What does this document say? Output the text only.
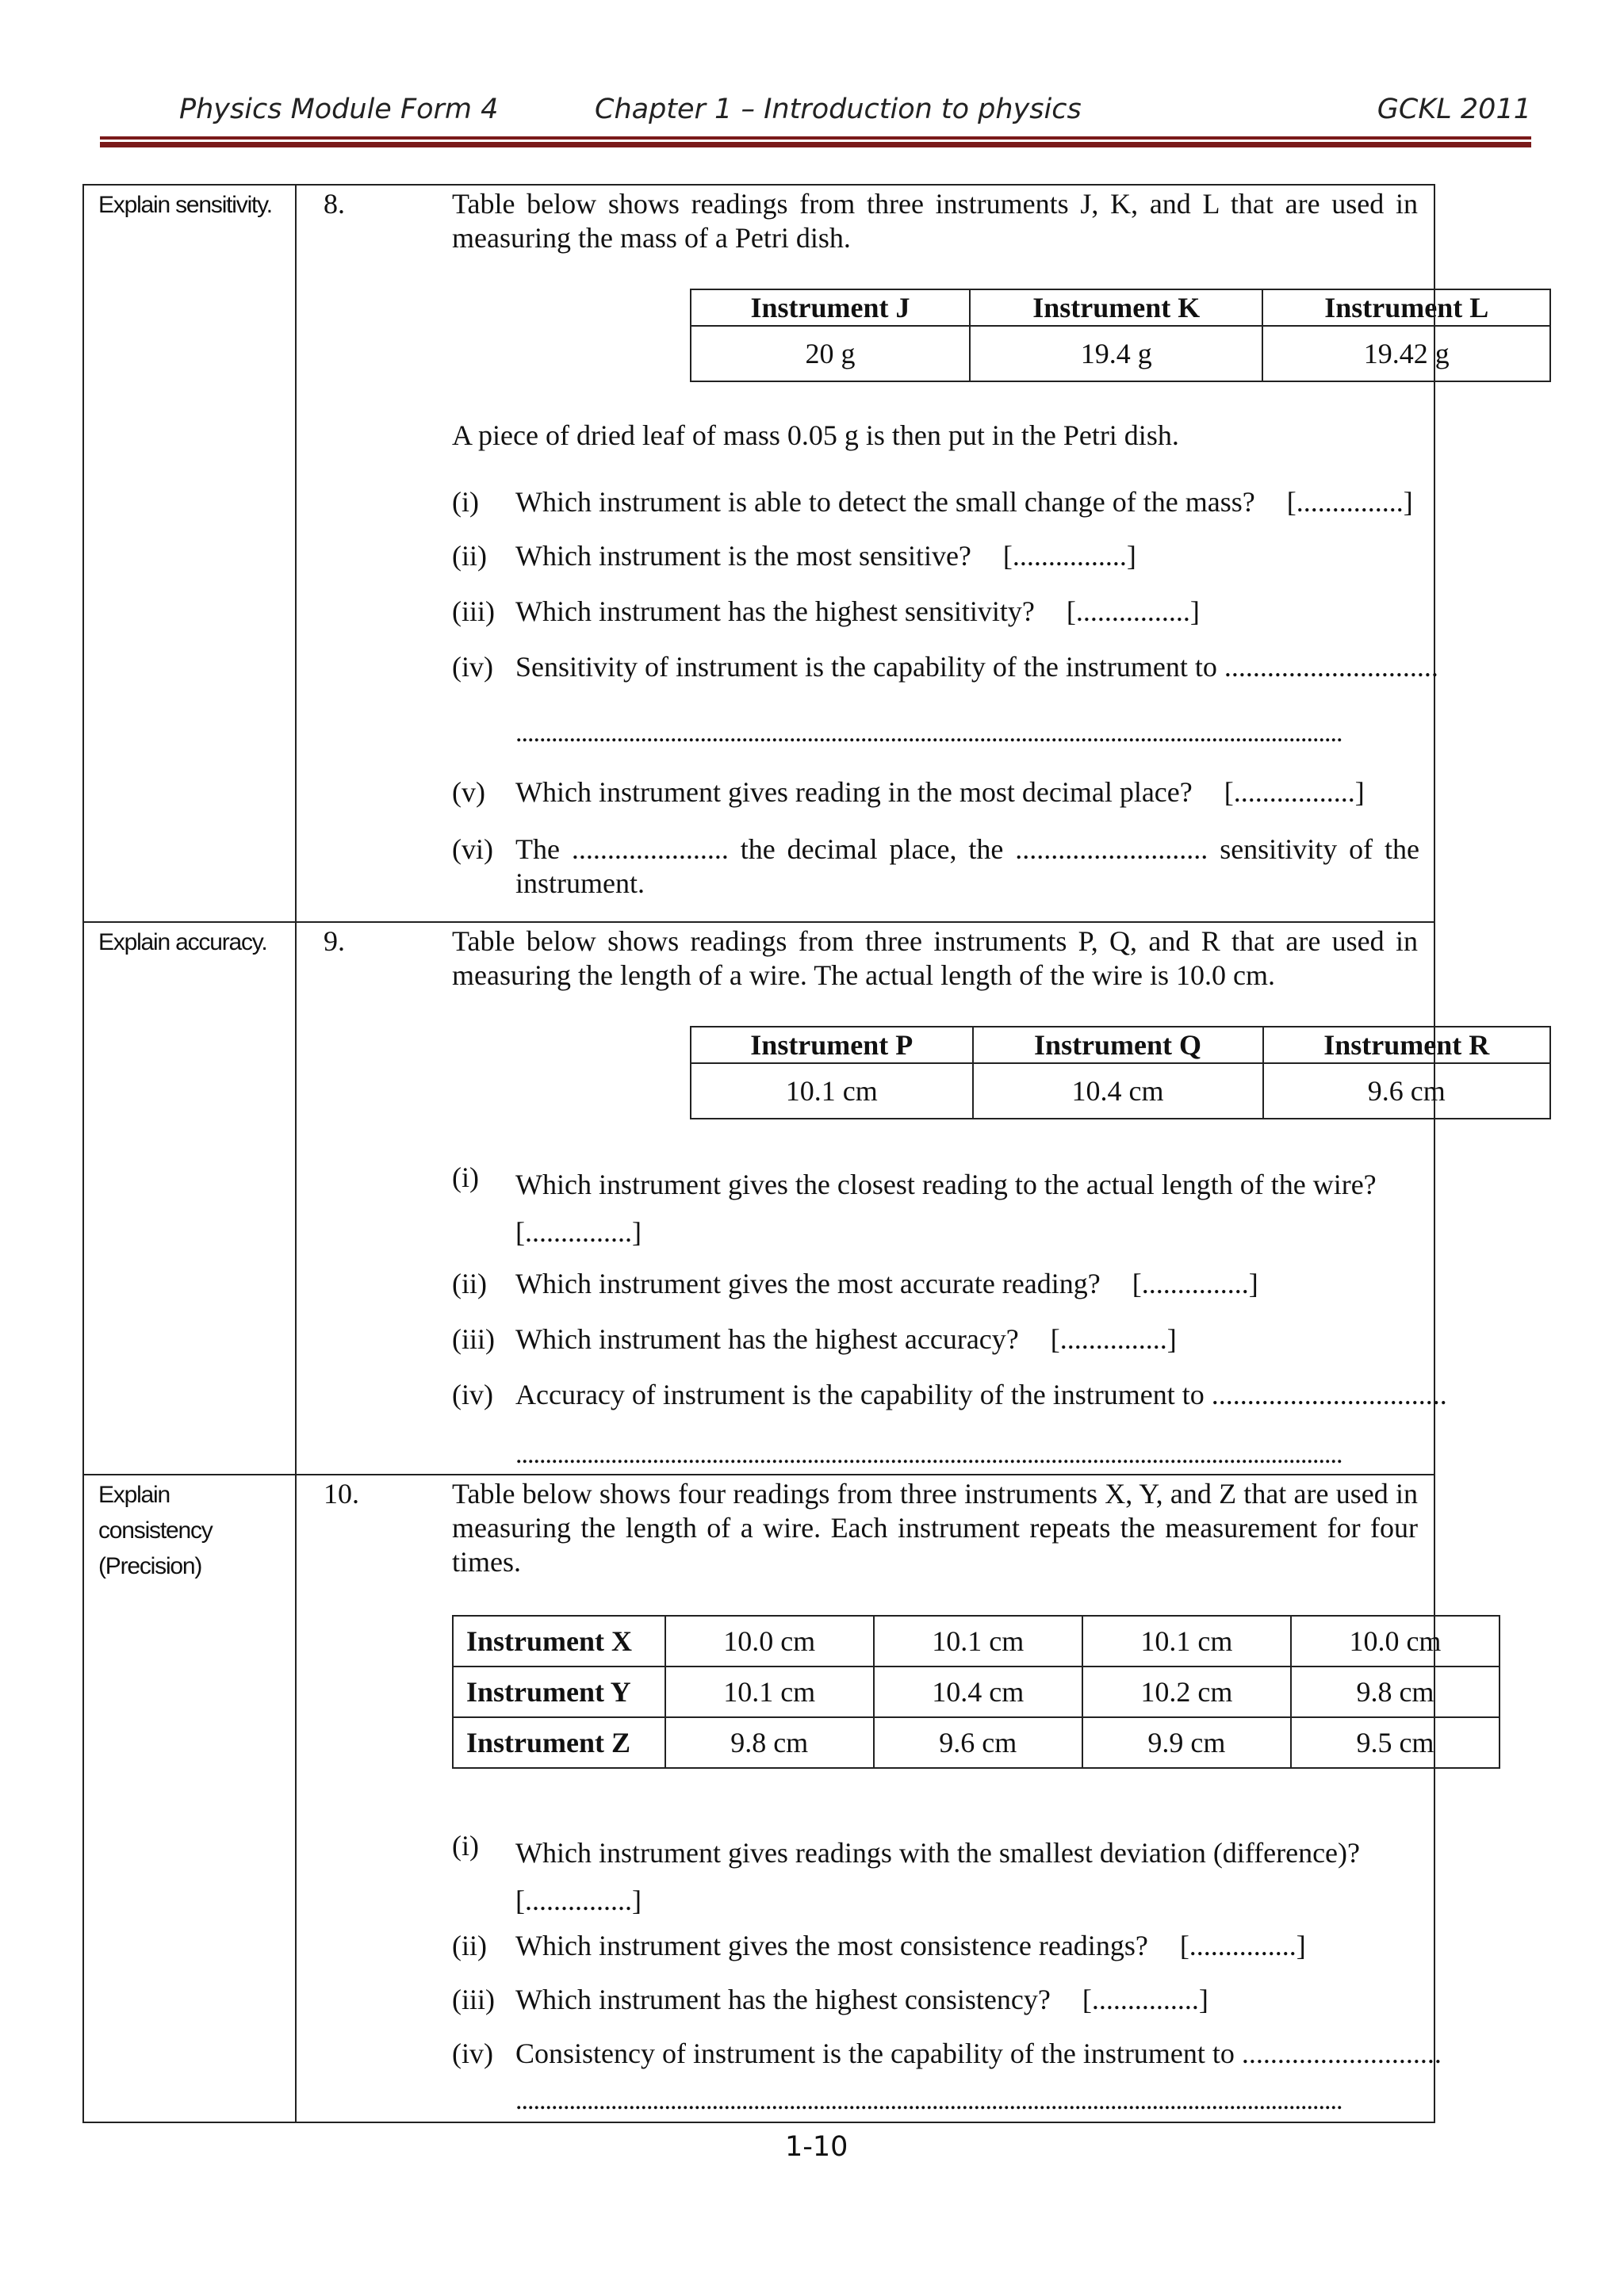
Physics Module Form 4	Chapter 1 – Introduction to physics	GCKL 2011
Explain sensitivity.	8.	Table below shows readings from three instruments J, K, and L that are used in measuring the mass of a Petri dish.
Instrument J	Instrument K	Instrument L
20 g	19.4 g	19.42 g
A piece of dried leaf of mass 0.05 g is then put in the Petri dish.
(i) Which instrument is able to detect the small change of the mass? [...............]
(ii) Which instrument is the most sensitive? [................]
(iii) Which instrument has the highest sensitivity? [................]
(iv) Sensitivity of instrument is the capability of the instrument to ..............................
...........................................................................................................................................
(v) Which instrument gives reading in the most decimal place? [.................]
(vi) The ...................... the decimal place, the ........................... sensitivity of the instrument.
Explain accuracy.	9.	Table below shows readings from three instruments P, Q, and R that are used in measuring the length of a wire. The actual length of the wire is 10.0 cm.
Instrument P	Instrument Q	Instrument R
10.1 cm	10.4 cm	9.6 cm
(i) Which instrument gives the closest reading to the actual length of the wire?
[...............]
(ii) Which instrument gives the most accurate reading? [...............]
(iii) Which instrument has the highest accuracy? [...............]
(iv) Accuracy of instrument is the capability of the instrument to .................................
...........................................................................................................................................
Explain
consistency
(Precision)
10.	Table below shows four readings from three instruments X, Y, and Z that are used in measuring the length of a wire. Each instrument repeats the measurement for four times.
Instrument X	10.0 cm	10.1 cm	10.1 cm	10.0 cm
Instrument Y	10.1 cm	10.4 cm	10.2 cm	9.8 cm
Instrument Z	9.8 cm	9.6 cm	9.9 cm	9.5 cm
(i) Which instrument gives readings with the smallest deviation (difference)?
[...............]
(ii) Which instrument gives the most consistence readings? [...............]
(iii) Which instrument has the highest consistency? [...............]
(iv) Consistency of instrument is the capability of the instrument to ............................
...........................................................................................................................................
1-10
